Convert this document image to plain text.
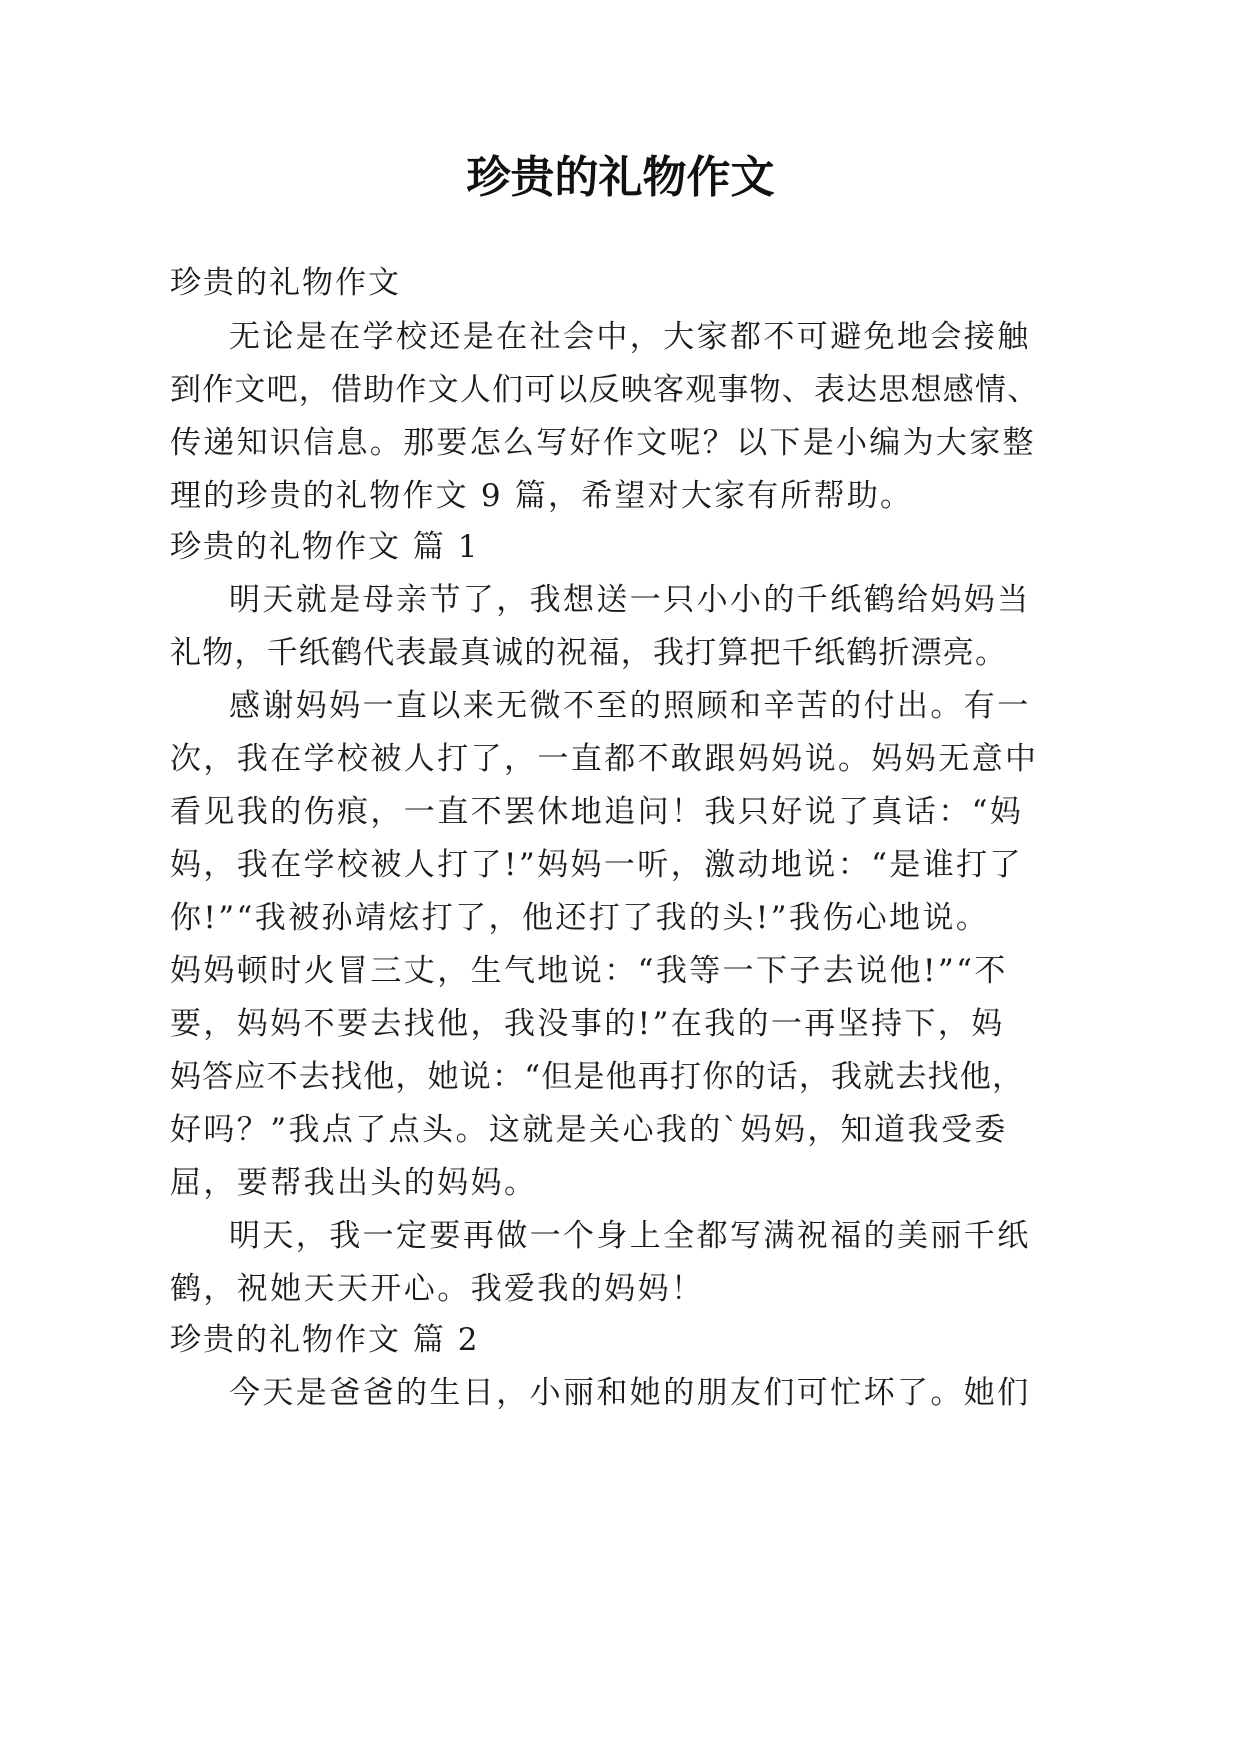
珍贵的礼物作文
珍贵的礼物作文
无论是在学校还是在社会中，大家都不可避免地会接触
到作文吧，借助作文人们可以反映客观事物、表达思想感情、
传递知识信息。那要怎么写好作文呢？以下是小编为大家整
理的珍贵的礼物作文 9 篇，希望对大家有所帮助。
珍贵的礼物作文 篇 1
明天就是母亲节了，我想送一只小小的千纸鹤给妈妈当
礼物，千纸鹤代表最真诚的祝福，我打算把千纸鹤折漂亮。
感谢妈妈一直以来无微不至的照顾和辛苦的付出。有一
次，我在学校被人打了，一直都不敢跟妈妈说。妈妈无意中
看见我的伤痕，一直不罢休地追问！我只好说了真话：“妈
妈，我在学校被人打了!”妈妈一听，激动地说：“是谁打了
你!”“我被孙靖炫打了，他还打了我的头!”我伤心地说。
妈妈顿时火冒三丈，生气地说：“我等一下子去说他!”“不
要，妈妈不要去找他，我没事的!”在我的一再坚持下，妈
妈答应不去找他，她说：“但是他再打你的话，我就去找他，
好吗？”我点了点头。这就是关心我的`妈妈，知道我受委
屈，要帮我出头的妈妈。
明天，我一定要再做一个身上全都写满祝福的美丽千纸
鹤，祝她天天开心。我爱我的妈妈！
珍贵的礼物作文 篇 2
今天是爸爸的生日，小丽和她的朋友们可忙坏了。她们
